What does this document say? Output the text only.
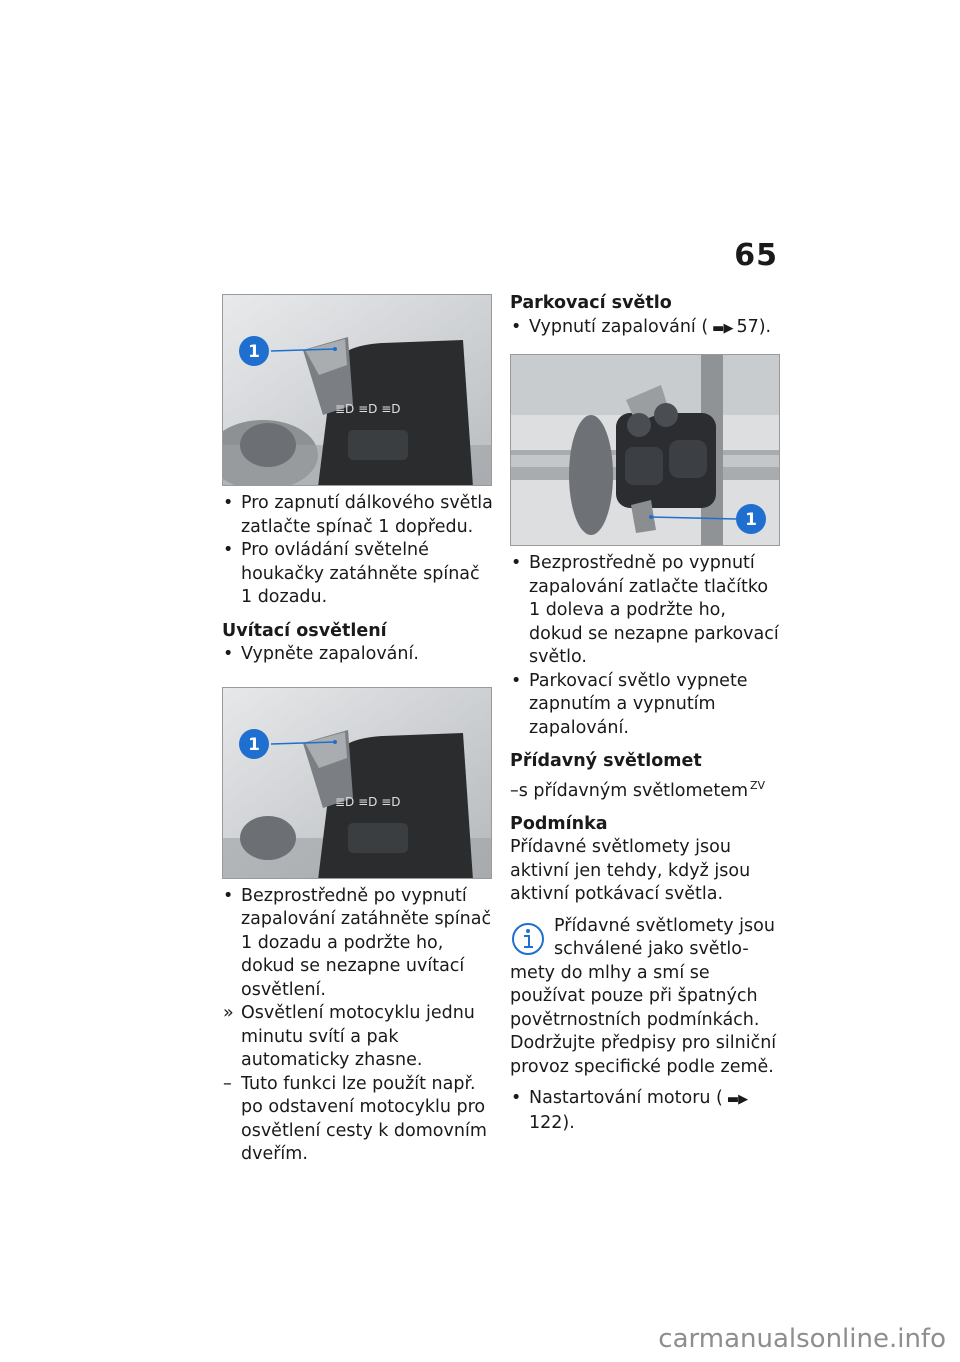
65
≣D ≡D ≡D
1
• Pro zapnutí dálkového světla zatlačte spínač 1 dopředu.
• Pro ovládání světelné houkačky zatáhněte spínač 1 dozadu.
Uvítací osvětlení
• Vypněte zapalování.
≣D ≡D ≡D
1
• Bezprostředně po vypnutí zapalování zatáhněte spínač 1 dozadu a podržte ho, dokud se nezapne uvítací osvětlení.
» Osvětlení motocyklu jednu minutu svítí a pak automaticky zhasne.
– Tuto funkci lze použít např. po odstavení motocyklu pro osvětlení cesty k domovním dveřím.
Parkovací světlo
• Vypnutí zapalování ( ▬▶ 57).
1
• Bezprostředně po vypnutí zapalování zatlačte tlačítko 1 doleva a podržte ho, dokud se nezapne parkovací světlo.
• Parkovací světlo vypnete zapnutím a vypnutím zapalování.
Přídavný světlomet
–s přídavným světlometem $^{ZV}$
Podmínka
Přídavné světlomety jsou aktivní jen tehdy, když jsou aktivní potkávací světla.
Přídavné světlomety jsou schválené jako světlo-
mety do mlhy a smí se používat pouze při špatných povětrnostních podmínkách. Dodržujte předpisy pro silniční provoz specifické podle země.
• Nastartování motoru ( ▬▶122).
carmanualsonline.info
